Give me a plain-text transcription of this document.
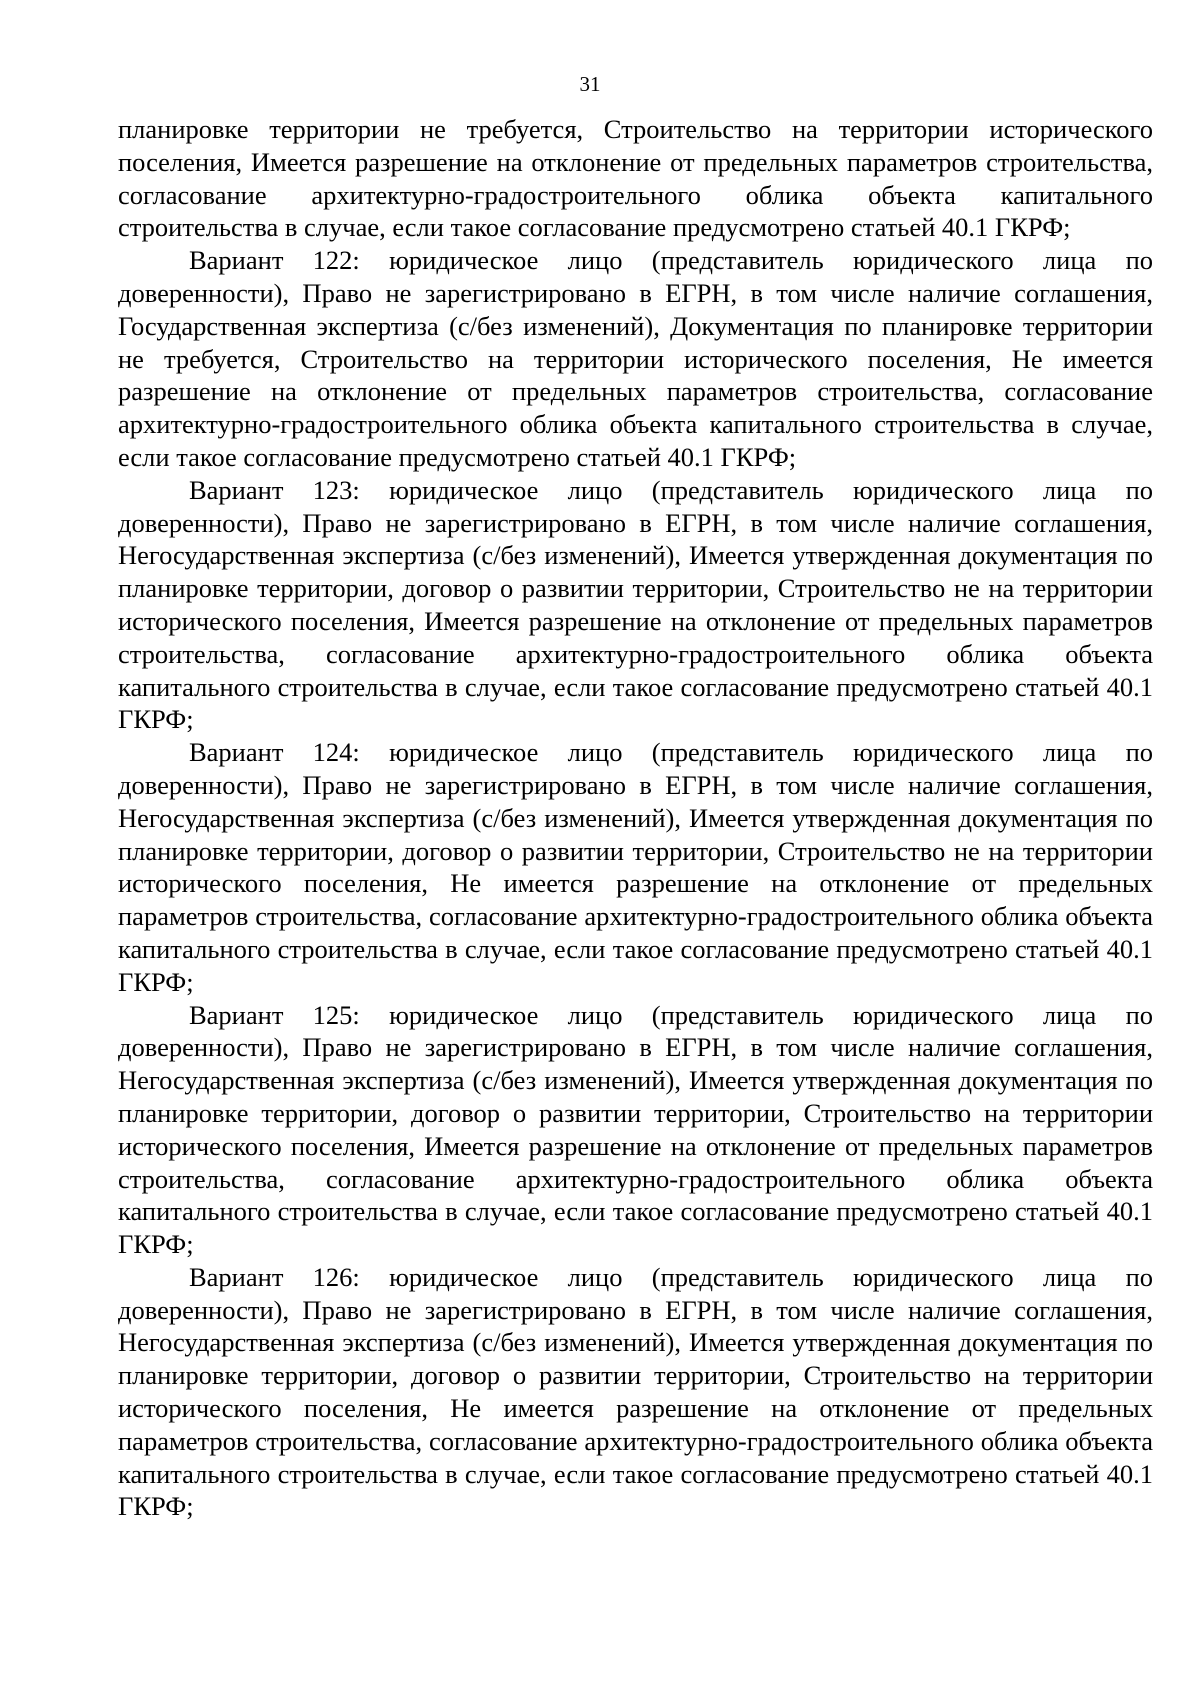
31

планировке территории не требуется, Строительство на территории исторического поселения, Имеется разрешение на отклонение от предельных параметров строительства, согласование архитектурно-градостроительного облика объекта капитального строительства в случае, если такое согласование предусмотрено статьей 40.1 ГКРФ;

Вариант 122: юридическое лицо (представитель юридического лица по доверенности), Право не зарегистрировано в ЕГРН, в том числе наличие соглашения, Государственная экспертиза (с/без изменений), Документация по планировке территории не требуется, Строительство на территории исторического поселения, Не имеется разрешение на отклонение от предельных параметров строительства, согласование архитектурно-градостроительного облика объекта капитального строительства в случае, если такое согласование предусмотрено статьей 40.1 ГКРФ;

Вариант 123: юридическое лицо (представитель юридического лица по доверенности), Право не зарегистрировано в ЕГРН, в том числе наличие соглашения, Негосударственная экспертиза (с/без изменений), Имеется утвержденная документация по планировке территории, договор о развитии территории, Строительство не на территории исторического поселения, Имеется разрешение на отклонение от предельных параметров строительства, согласование архитектурно-градостроительного облика объекта капитального строительства в случае, если такое согласование предусмотрено статьей 40.1 ГКРФ;

Вариант 124: юридическое лицо (представитель юридического лица по доверенности), Право не зарегистрировано в ЕГРН, в том числе наличие соглашения, Негосударственная экспертиза (с/без изменений), Имеется утвержденная документация по планировке территории, договор о развитии территории, Строительство не на территории исторического поселения, Не имеется разрешение на отклонение от предельных параметров строительства, согласование архитектурно-градостроительного облика объекта капитального строительства в случае, если такое согласование предусмотрено статьей 40.1 ГКРФ;

Вариант 125: юридическое лицо (представитель юридического лица по доверенности), Право не зарегистрировано в ЕГРН, в том числе наличие соглашения, Негосударственная экспертиза (с/без изменений), Имеется утвержденная документация по планировке территории, договор о развитии территории, Строительство на территории исторического поселения, Имеется разрешение на отклонение от предельных параметров строительства, согласование архитектурно-градостроительного облика объекта капитального строительства в случае, если такое согласование предусмотрено статьей 40.1 ГКРФ;

Вариант 126: юридическое лицо (представитель юридического лица по доверенности), Право не зарегистрировано в ЕГРН, в том числе наличие соглашения, Негосударственная экспертиза (с/без изменений), Имеется утвержденная документация по планировке территории, договор о развитии территории, Строительство на территории исторического поселения, Не имеется разрешение на отклонение от предельных параметров строительства, согласование архитектурно-градостроительного облика объекта капитального строительства в случае, если такое согласование предусмотрено статьей 40.1 ГКРФ;
